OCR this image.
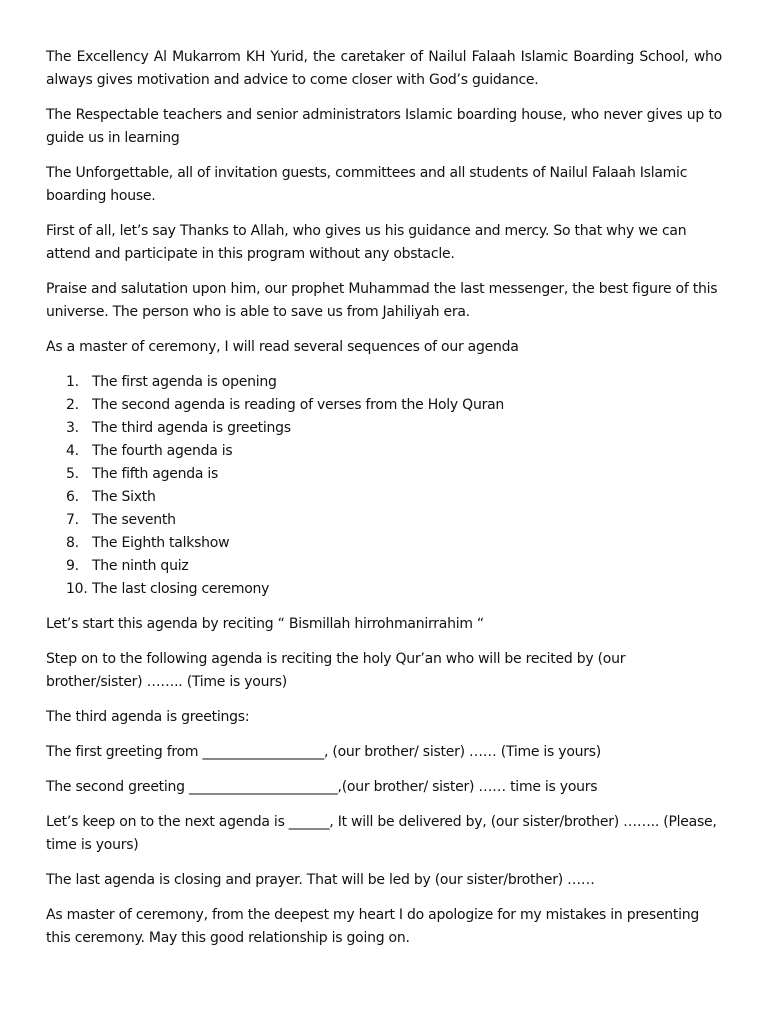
The Excellency Al Mukarrom KH Yurid, the caretaker of Nailul Falaah Islamic Boarding School, who always gives motivation and advice to come closer with God’s guidance.

The Respectable teachers and senior administrators Islamic boarding house, who never gives up to guide us in learning

The Unforgettable, all of invitation guests, committees and all students of Nailul Falaah Islamic boarding house.

First of all, let’s say Thanks to Allah, who gives us his guidance and mercy. So that why we can attend and participate in this program without any obstacle.

Praise and salutation upon him, our prophet Muhammad the last messenger, the best figure of this universe. The person who is able to save us from Jahiliyah era.

As a master of ceremony, I will read several sequences of our agenda

1. The first agenda is opening
2. The second agenda is reading of verses from the Holy Quran
3. The third agenda is greetings
4. The fourth agenda is
5. The fifth agenda is
6. The Sixth
7. The seventh
8. The Eighth talkshow
9. The ninth quiz
10. The last closing ceremony

Let’s start this agenda by reciting “ Bismillah hirrohmanirrahim “

Step on to the following agenda is reciting the holy Qur’an who will be recited by (our brother/sister) …….. (Time is yours)

The third agenda is greetings:

The first greeting from __________________, (our brother/ sister) …… (Time is yours)

The second greeting ______________________,(our brother/ sister) …… time is yours

Let’s keep on to the next agenda is ______, It will be delivered by, (our sister/brother) …….. (Please, time is yours)

The last agenda is closing and prayer. That will be led by (our sister/brother) ……

As master of ceremony, from the deepest my heart I do apologize for my mistakes in presenting this ceremony. May this good relationship is going on.
